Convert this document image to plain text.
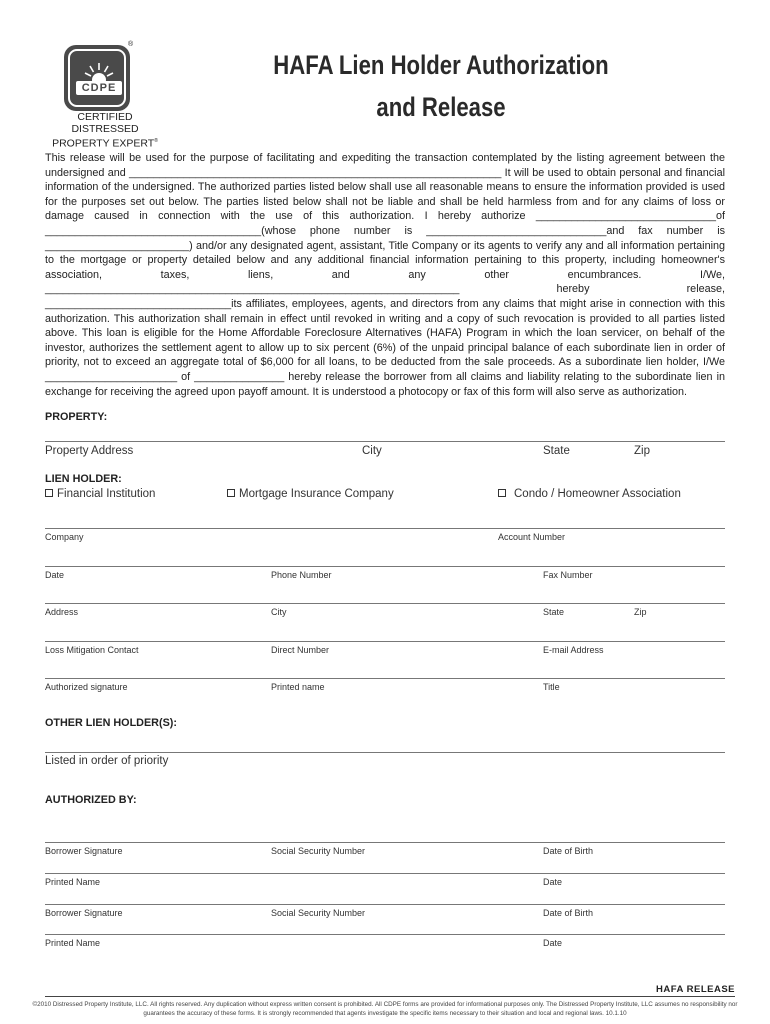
CDPE
®
CERTIFIED DISTRESSED
PROPERTY EXPERT®
HAFA Lien Holder Authorization
and Release
This release will be used for the purpose of facilitating and expediting the transaction contemplated by the listing agreement between the undersigned and ______________________________________________________________ It will be used to obtain personal and financial information of the undersigned. The authorized parties listed below shall use all reasonable means to ensure the information provided is used for the purposes set out below. The parties listed below shall not be liable and shall be held harmless from and for any claims of loss or damage caused in connection with the use of this authorization. I hereby authorize ______________________________of ____________________________________(whose phone number is ______________________________and fax number is ________________________) and/or any designated agent, assistant, Title Company or its agents to verify any and all information pertaining to the mortgage or property detailed below and any additional financial information pertaining to this property, including homeowner's association, taxes, liens, and any other encumbrances. I/We, _____________________________________________________________________ hereby release, _______________________________its affiliates, employees, agents, and directors from any claims that might arise in connection with this authorization. This authorization shall remain in effect until revoked in writing and a copy of such revocation is provided to all parties listed above. This loan is eligible for the Home Affordable Foreclosure Alternatives (HAFA) Program in which the loan servicer, on behalf of the investor, authorizes the settlement agent to allow up to six percent (6%) of the unpaid principal balance of each subordinate lien in order of priority, not to exceed an aggregate total of $6,000 for all loans, to be deducted from the sale proceeds. As a subordinate lien holder, I/We ______________________ of _______________ hereby release the borrower from all claims and liability relating to the subordinate lien in exchange for receiving the agreed upon payoff amount. It is understood a photocopy or fax of this form will also serve as authorization.
PROPERTY:
Property Address	City	State	Zip
LIEN HOLDER:
Financial Institution	Mortgage Insurance Company	Condo / Homeowner Association
Company	Account Number
Date	Phone Number	Fax Number
Address	City	State	Zip
Loss Mitigation Contact	Direct Number	E-mail Address
Authorized signature	Printed name	Title
OTHER LIEN HOLDER(S):
Listed in order of priority
AUTHORIZED BY:
Borrower Signature	Social Security Number	Date of Birth
Printed Name	Date
Borrower Signature	Social Security Number	Date of Birth
Printed Name	Date
HAFA RELEASE
©2010 Distressed Property Institute, LLC. All rights reserved. Any duplication without express written consent is prohibited. All CDPE forms are provided for informational purposes only. The Distressed Property Institute, LLC assumes no responsibility nor guarantees the accuracy of these forms. It is strongly recommended that agents investigate the specific items necessary to their situation and local and regional laws. 10.1.10
